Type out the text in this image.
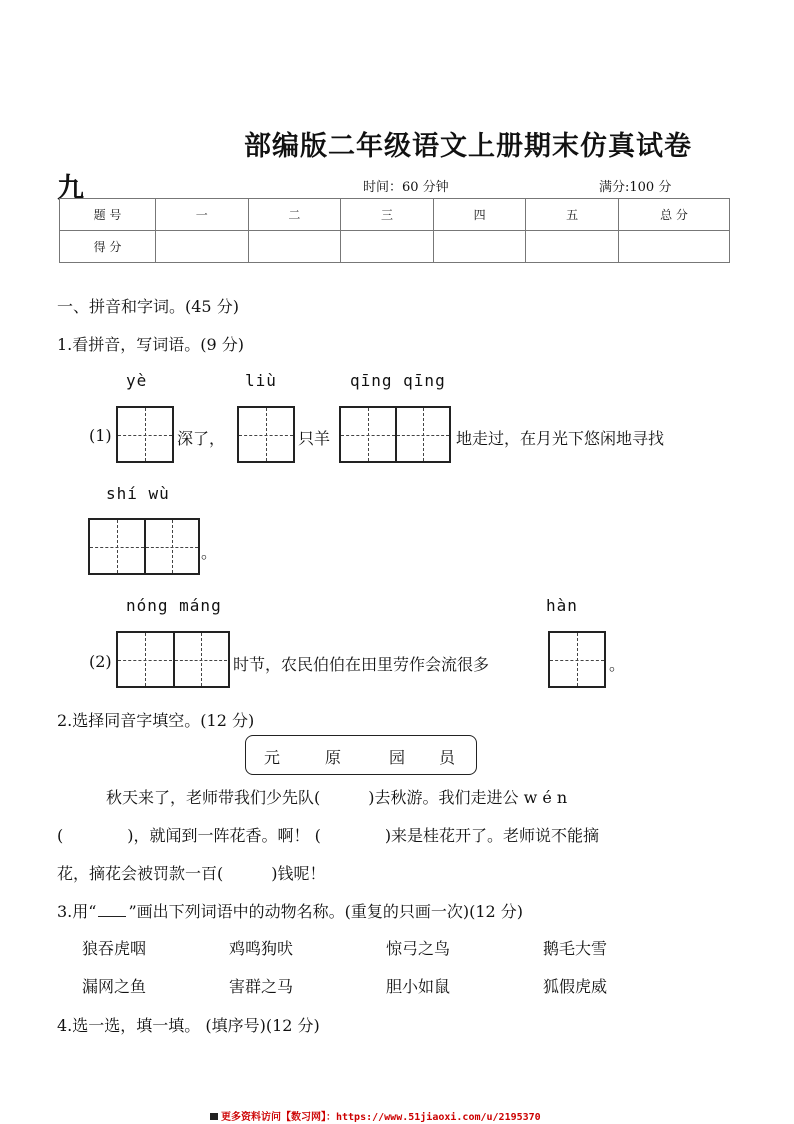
部编版二年级语文上册期末仿真试卷
九	时间：60 分钟	满分:100 分
题 号	一	二	三	四	五	总 分
得 分						
一、拼音和字词。(45 分)
1.看拼音，写词语。(9 分)
yè	liù	qīng qīng
(1)	深了，	只羊	地走过，在月光下悠闲地寻找
shí wù
。
nóng máng	hàn
(2)	时节，农民伯伯在田里劳作会流很多	。
2.选择同音字填空。(12 分)
元	原	园 员
秋天来了，老师带我们少先队(　　　)去秋游。我们走进公 w é n
(　　　　)，就闻到一阵花香。啊！ (　　　　)来是桂花开了。老师说不能摘
花，摘花会被罚款一百(　　　)钱呢！
3.用“ ”画出下列词语中的动物名称。(重复的只画一次)(12 分)
狼吞虎咽	鸡鸣狗吠	惊弓之鸟	鹅毛大雪
漏网之鱼	害群之马	胆小如鼠	狐假虎威
4.选一选，填一填。 (填序号)(12 分)
更多资料访问【数习网】：https://www.51jiaoxi.com/u/2195370
